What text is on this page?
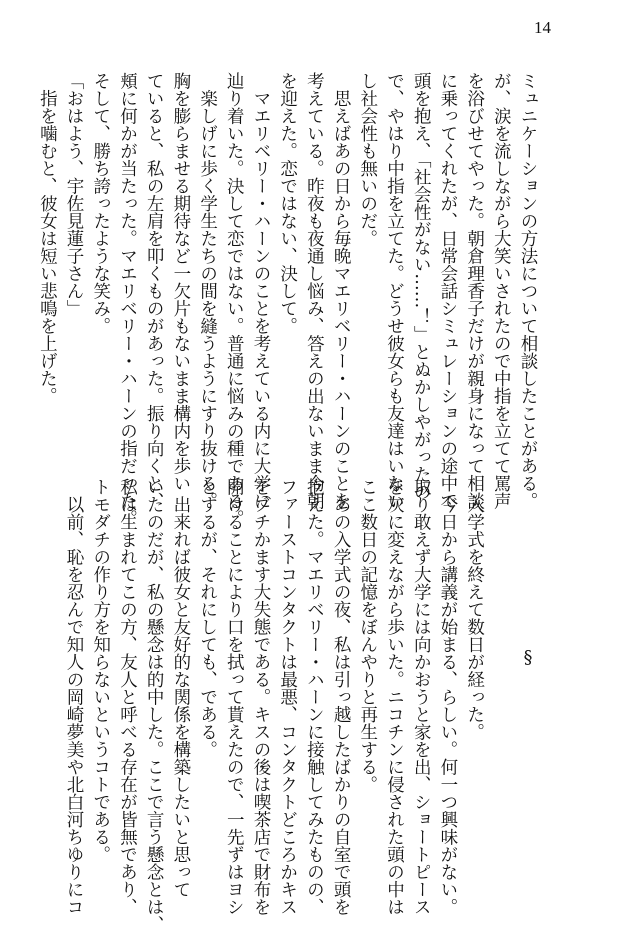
14
ミュニケーションの方法について相談したことがある。
が、涙を流しながら大笑いされたので中指を立てて罵声
を浴びせてやった。朝倉理香子だけが親身になって相談
に乗ってくれたが、日常会話シミュレーションの途中で
頭を抱え、「社会性がない……！」とぬかしやがったの
で、やはり中指を立てた。どうせ彼女らも友達はいない
し社会性も無いのだ。
　思えばあの日から毎晩マエリベリー・ハーンのことを
考えている。昨夜も夜通し悩み、答えの出ないまま今朝
を迎えた。恋ではない、決して。
　マエリベリー・ハーンのことを考えている内に大学に
辿り着いた。決して恋ではない。普通に悩みの種である。
　楽しげに歩く学生たちの間を縫うようにすり抜ける。
胸を膨らませる期待など一欠片もないまま構内を歩い
ていると、私の左肩を叩くものがあった。振り向くと、
頬に何かが当たった。マエリベリー・ハーンの指だった。
そして、勝ち誇ったような笑み。
「おはよう、宇佐見蓮子さん」
　指を噛むと、彼女は短い悲鳴を上げた。
§

　入学式を終えて数日が経った。
　今日から講義が始まる、らしい。何一つ興味がない。
取り敢えず大学には向かおうと家を出、ショートピース
を灰に変えながら歩いた。ニコチンに侵された頭の中は
ここ数日の記憶をぼんやりと再生する。
　あの入学式の夜、私は引っ越したばかりの自室で頭を
抱えた。マエリベリー・ハーンに接触してみたものの、
ファーストコンタクトは最悪、コンタクトどころかキス
をブチかます大失態である。キスの後は喫茶店で財布を
開けることにより口を拭って貰えたので、一先ずはヨシ
とするが、それにしても、である。
　出来れば彼女と友好的な関係を構築したいと思って
いたのだが、私の懸念は的中した。ここで言う懸念とは、
私は生まれてこの方、友人と呼べる存在が皆無であり、
トモダチの作り方を知らないというコトである。
　以前、恥を忍んで知人の岡崎夢美や北白河ちゆりにコ
